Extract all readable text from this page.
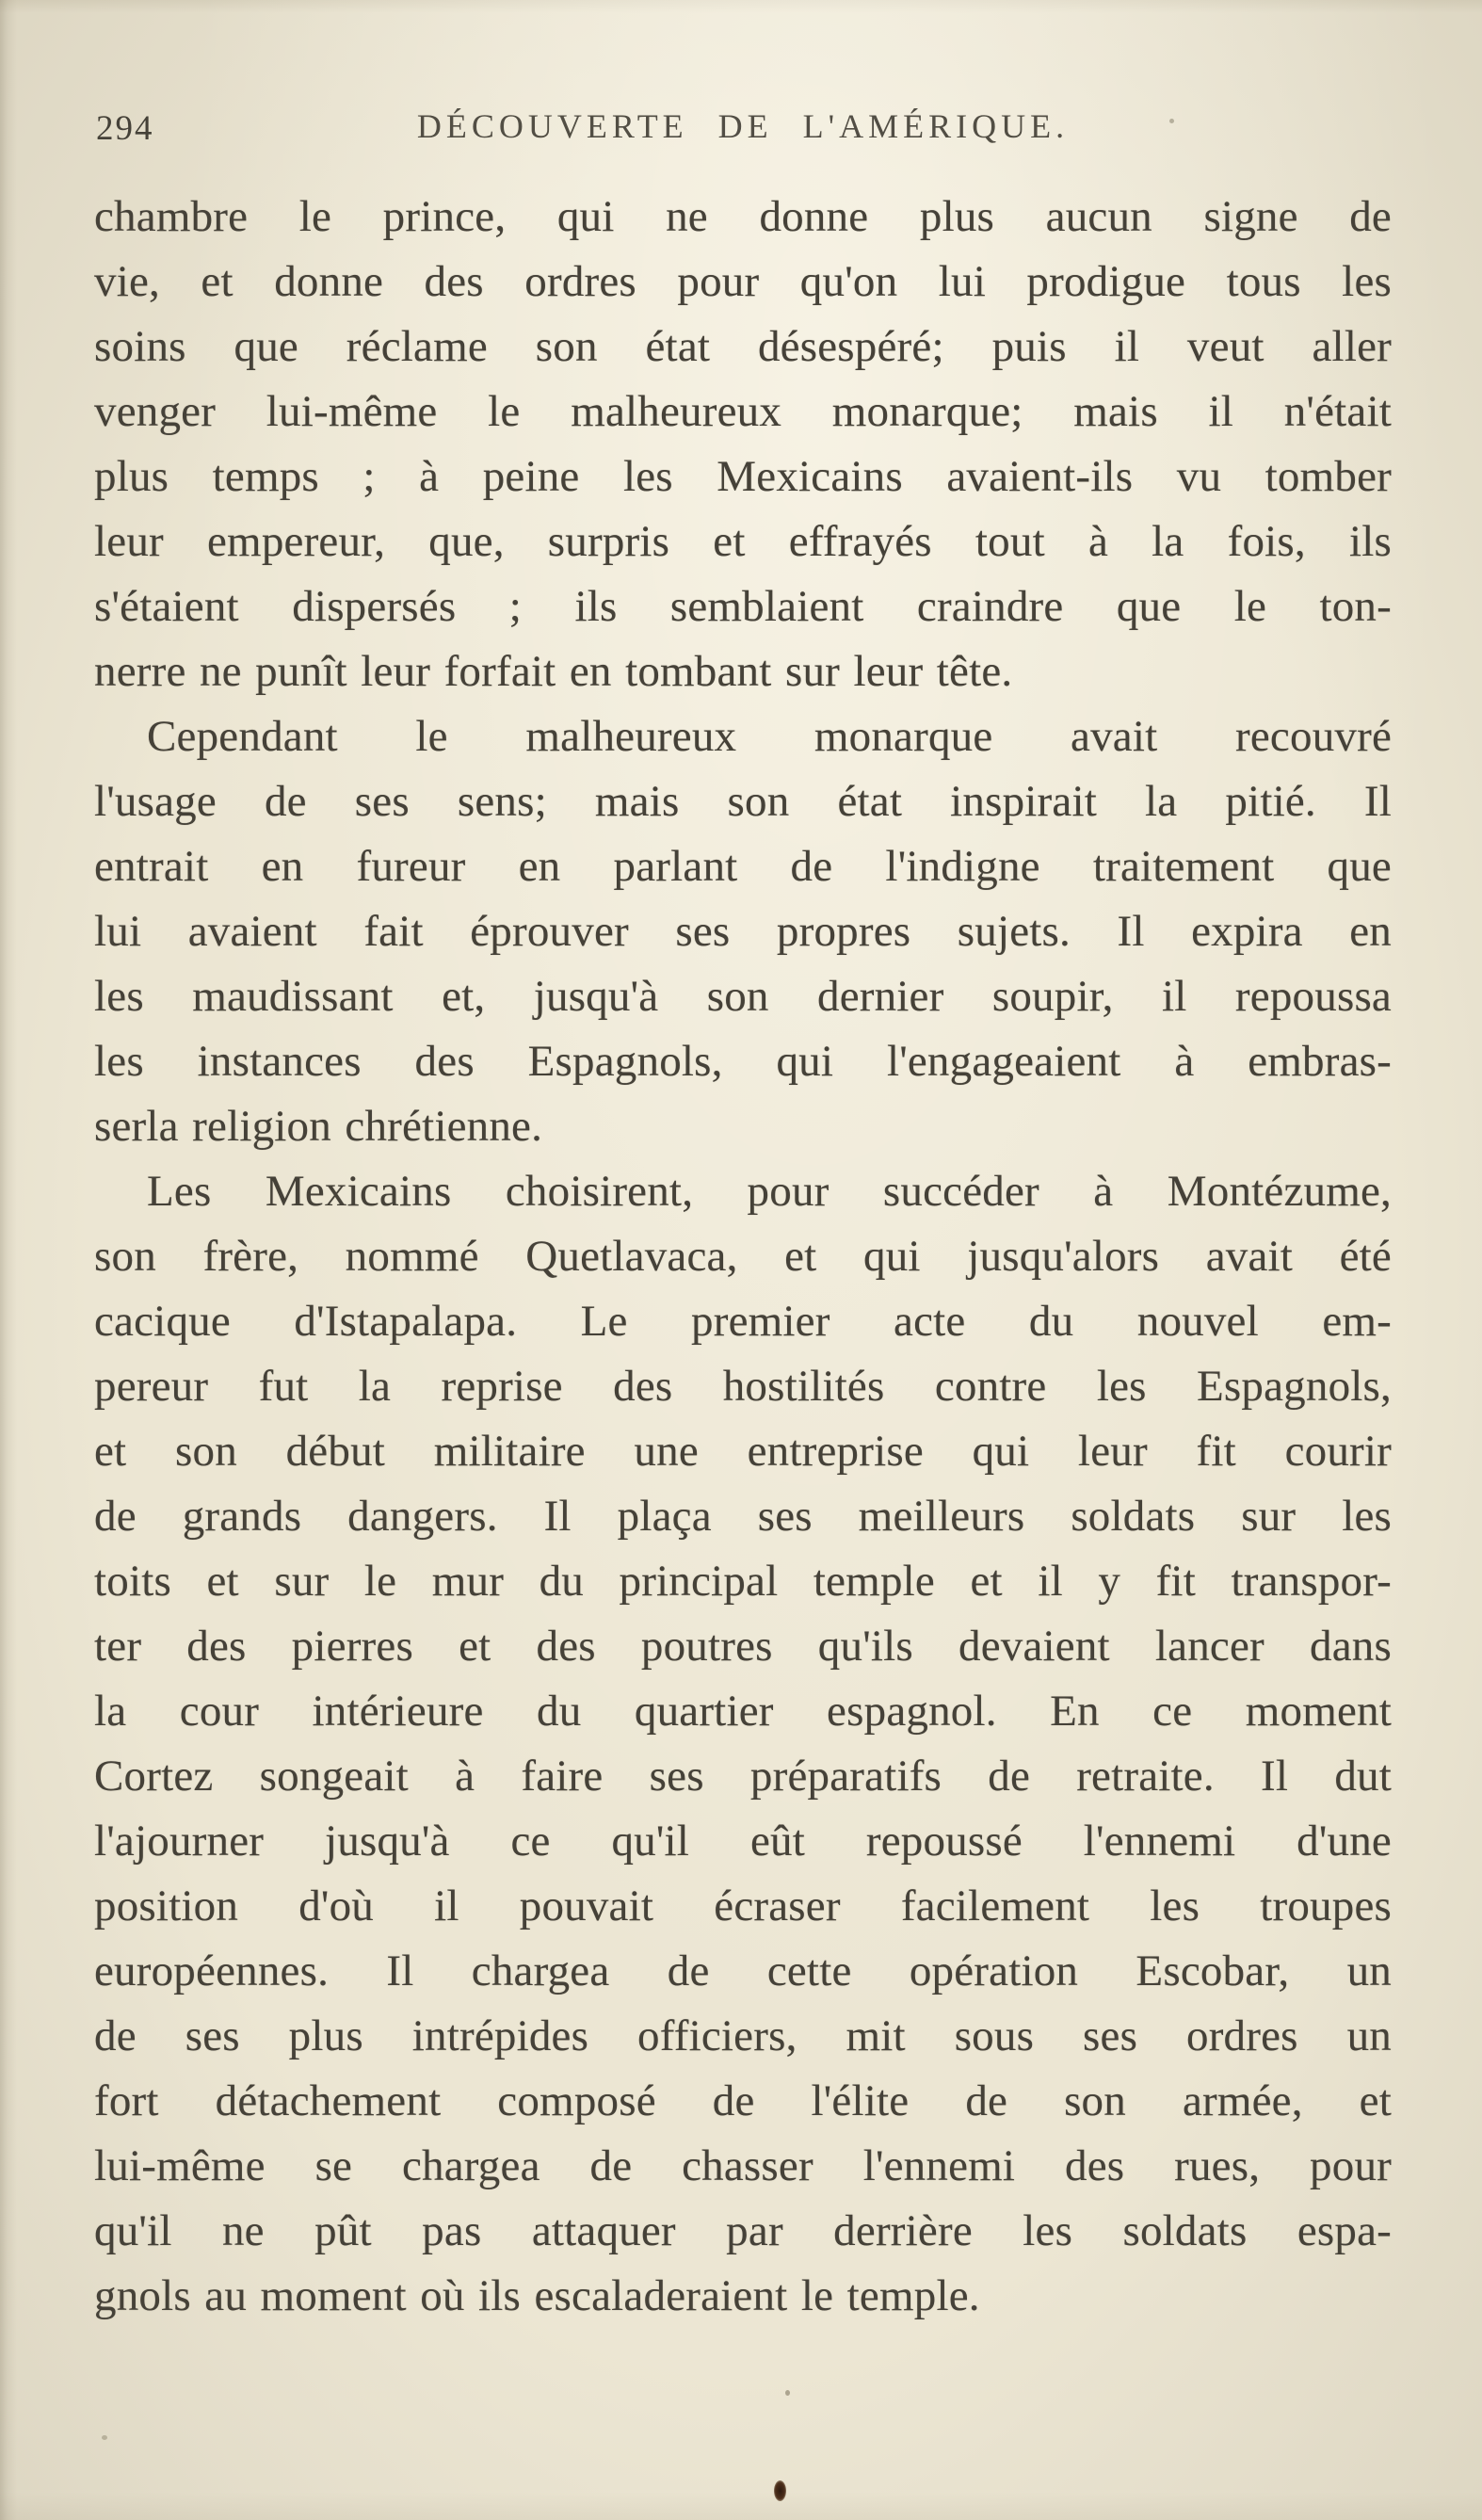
294	DÉCOUVERTE DE L'AMÉRIQUE.
chambre le prince, qui ne donne plus aucun signe de
vie, et donne des ordres pour qu'on lui prodigue tous les
soins que réclame son état désespéré; puis il veut aller
venger lui-même le malheureux monarque; mais il n'était
plus temps ; à peine les Mexicains avaient-ils vu tomber
leur empereur, que, surpris et effrayés tout à la fois, ils
s'étaient dispersés ; ils semblaient craindre que le ton-
nerre ne punît leur forfait en tombant sur leur tête.
Cependant le malheureux monarque avait recouvré
l'usage de ses sens; mais son état inspirait la pitié. Il
entrait en fureur en parlant de l'indigne traitement que
lui avaient fait éprouver ses propres sujets. Il expira en
les maudissant et, jusqu'à son dernier soupir, il repoussa
les instances des Espagnols, qui l'engageaient à embras-
serla religion chrétienne.
Les Mexicains choisirent, pour succéder à Montézume,
son frère, nommé Quetlavaca, et qui jusqu'alors avait été
cacique d'Istapalapa. Le premier acte du nouvel em-
pereur fut la reprise des hostilités contre les Espagnols,
et son début militaire une entreprise qui leur fit courir
de grands dangers. Il plaça ses meilleurs soldats sur les
toits et sur le mur du principal temple et il y fit transpor-
ter des pierres et des poutres qu'ils devaient lancer dans
la cour intérieure du quartier espagnol. En ce moment
Cortez songeait à faire ses préparatifs de retraite. Il dut
l'ajourner jusqu'à ce qu'il eût repoussé l'ennemi d'une
position d'où il pouvait écraser facilement les troupes
européennes. Il chargea de cette opération Escobar, un
de ses plus intrépides officiers, mit sous ses ordres un
fort détachement composé de l'élite de son armée, et
lui-même se chargea de chasser l'ennemi des rues, pour
qu'il ne pût pas attaquer par derrière les soldats espa-
gnols au moment où ils escaladeraient le temple.
